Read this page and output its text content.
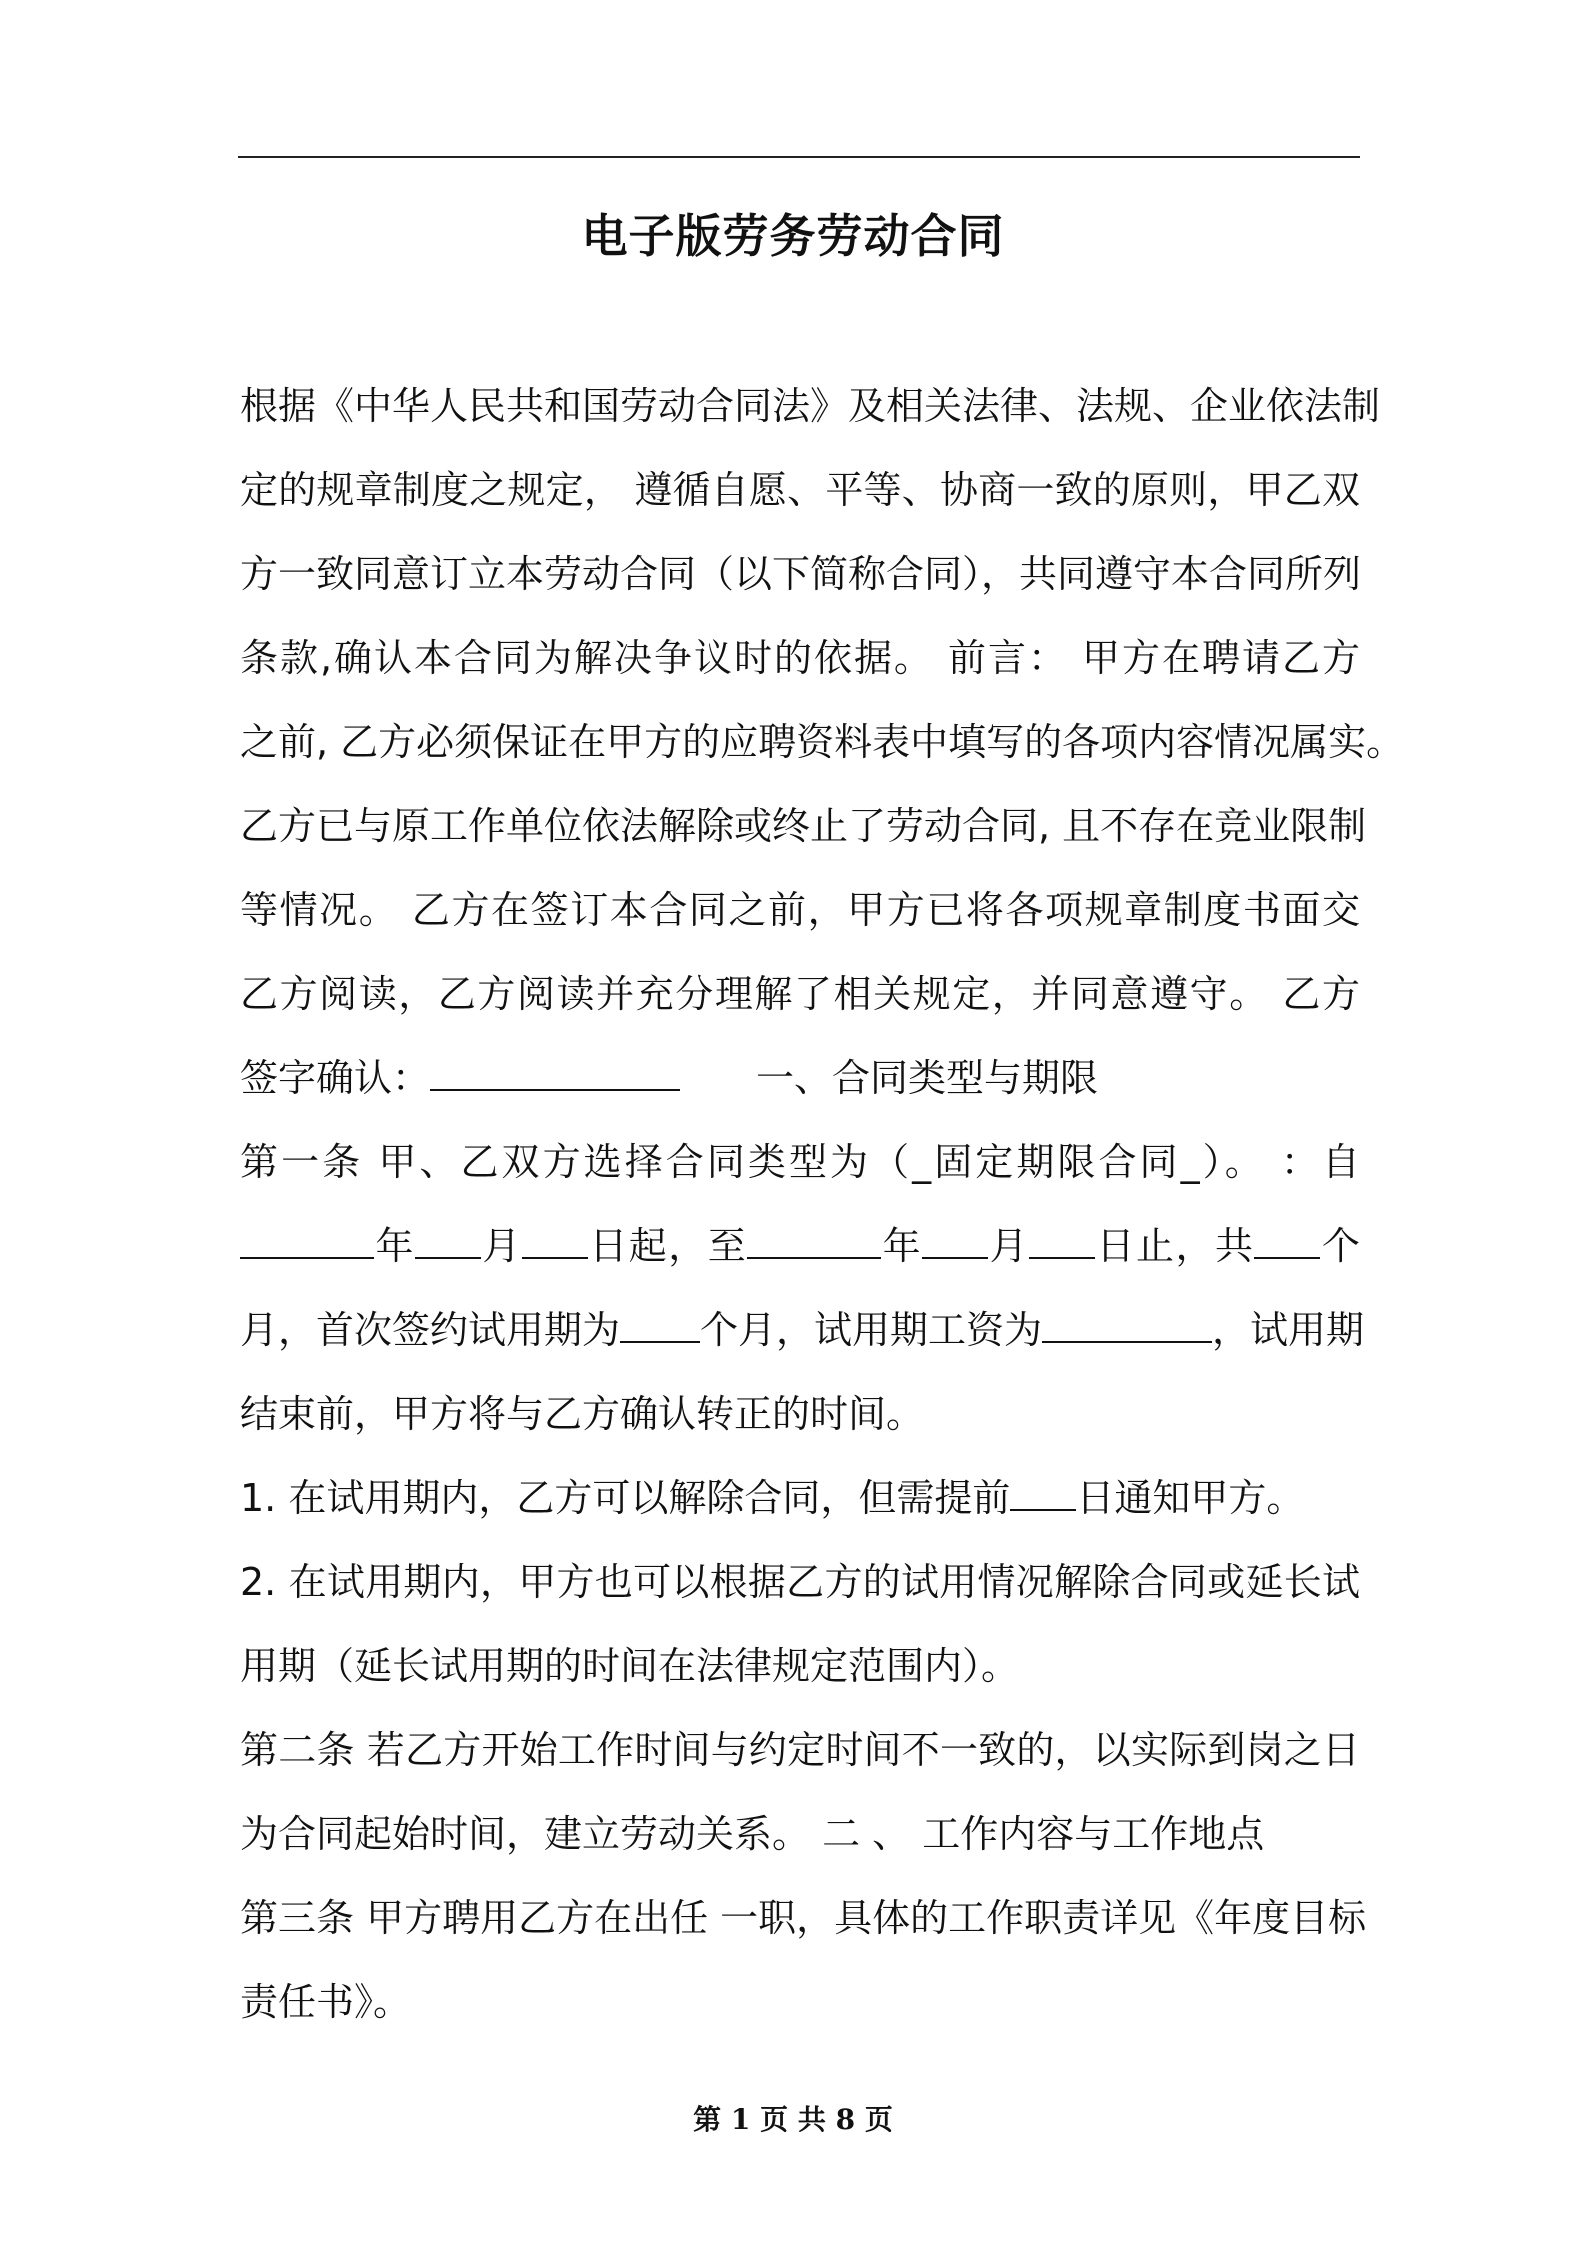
电子版劳务劳动合同
根据《中华人民共和国劳动合同法》及相关法律、法规、企业依法制
定的规章制度之规定， 遵循自愿、平等、协商一致的原则，甲乙双
方一致同意订立本劳动合同（以下简称合同），共同遵守本合同所列
条款,确认本合同为解决争议时的依据。 前言： 甲方在聘请乙方
之前, 乙方必须保证在甲方的应聘资料表中填写的各项内容情况属实。
乙方已与原工作单位依法解除或终止了劳动合同, 且不存在竞业限制
等情况。 乙方在签订本合同之前，甲方已将各项规章制度书面交
乙方阅读，乙方阅读并充分理解了相关规定，并同意遵守。 乙方
签字确认：	一、合同类型与期限
第一条 甲、乙双方选择合同类型为（_固定期限合同_）。 ：自
年 月 日起，至	年 月 日止，共 个
月，首次签约试用期为 个月，试用期工资为	，试用期
结束前，甲方将与乙方确认转正的时间。
1. 在试用期内，乙方可以解除合同，但需提前 日通知甲方。
2. 在试用期内，甲方也可以根据乙方的试用情况解除合同或延长试
用期（延长试用期的时间在法律规定范围内）。
第二条 若乙方开始工作时间与约定时间不一致的，以实际到岗之日
为合同起始时间，建立劳动关系。 二 、 工作内容与工作地点
第三条 甲方聘用乙方在出任 一职，具体的工作职责详见《年度目标
责任书》。
第 1 页 共 8 页
